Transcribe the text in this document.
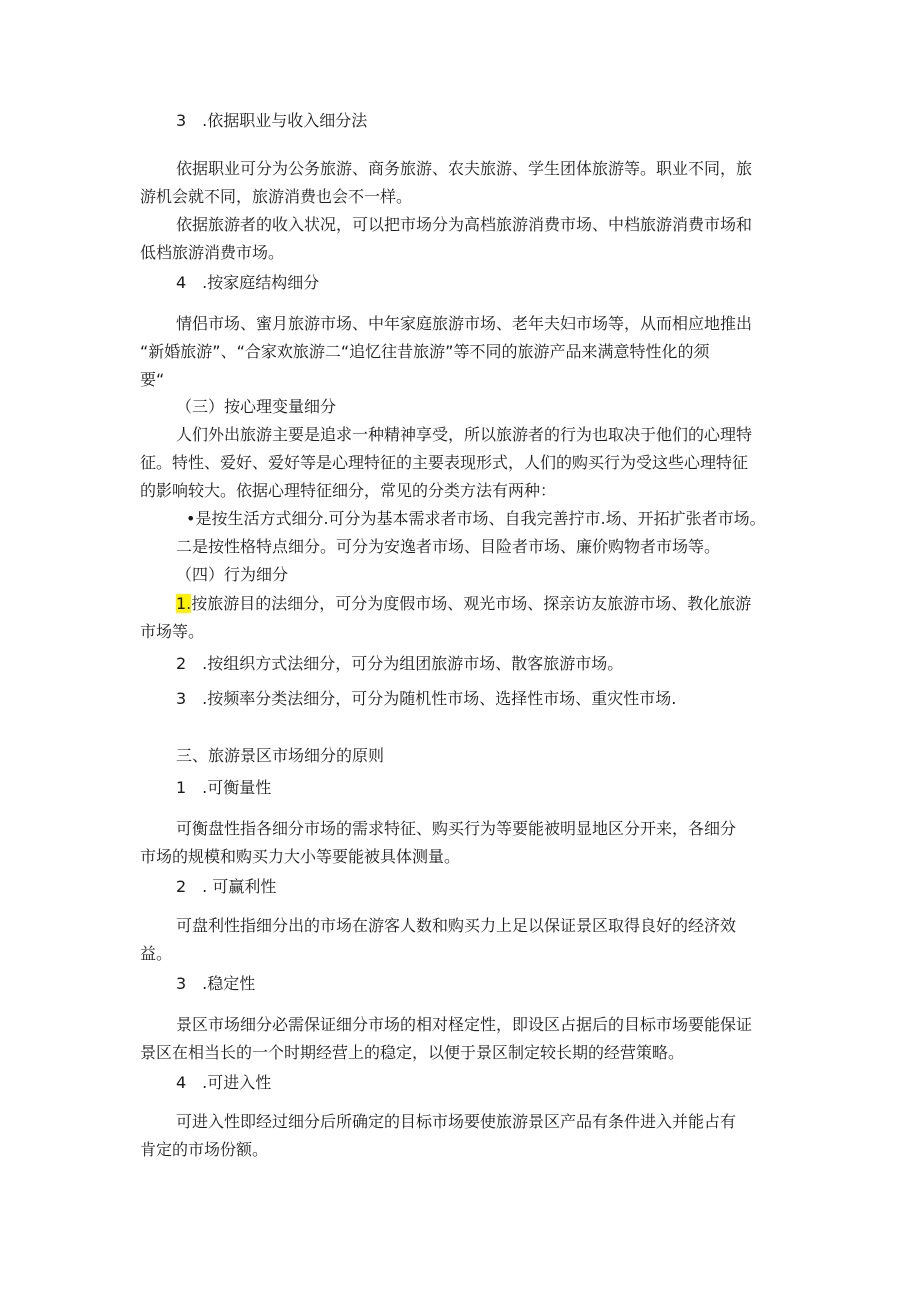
3　.依据职业与收入细分法
依据职业可分为公务旅游、商务旅游、农夫旅游、学生团体旅游等。职业不同，旅
游机会就不同，旅游消费也会不一样。
依据旅游者的收入状况，可以把市场分为高档旅游消费市场、中档旅游消费市场和
低档旅游消费市场。
4　.按家庭结构细分
情侣市场、蜜月旅游市场、中年家庭旅游市场、老年夫妇市场等，从而相应地推出
“新婚旅游”、“合家欢旅游二“追忆往昔旅游”等不同的旅游产品来满意特性化的须
要“
（三）按心理变量细分
人们外出旅游主要是追求一种精神享受，所以旅游者的行为也取决于他们的心理特
征。特性、爱好、爱好等是心理特征的主要表现形式，人们的购买行为受这些心理特征
的影响较大。依据心理特征细分，常见的分类方法有两种：
•是按生活方式细分.可分为基本需求者市场、自我完善拧市.场、开拓扩张者市场。
二是按性格特点细分。可分为安逸者市场、目险者市场、廉价购物者市场等。
（四）行为细分
1.按旅游目的法细分，可分为度假市场、观光市场、探亲访友旅游市场、教化旅游
市场等。
2　.按组织方式法细分，可分为组团旅游市场、散客旅游市场。
3　.按频率分类法细分，可分为随机性市场、选择性市场、重灾性市场.
三、旅游景区市场细分的原则
1　.可衡量性
可衡盘性指各细分市场的需求特征、购买行为等要能被明显地区分开来，各细分
市场的规模和购买力大小等要能被具体测量。
2　. 可赢利性
可盘利性指细分出的市场在游客人数和购买力上足以保证景区取得良好的经济效
益。
3　.稳定性
景区市场细分必需保证细分市场的相对柽定性，即设区占据后的目标市场要能保证
景区在相当长的一个时期经营上的稳定，以便于景区制定较长期的经营策略。
4　.可进入性
可进入性即经过细分后所确定的目标市场要使旅游景区产品有条件进入并能占有
肯定的市场份额。
